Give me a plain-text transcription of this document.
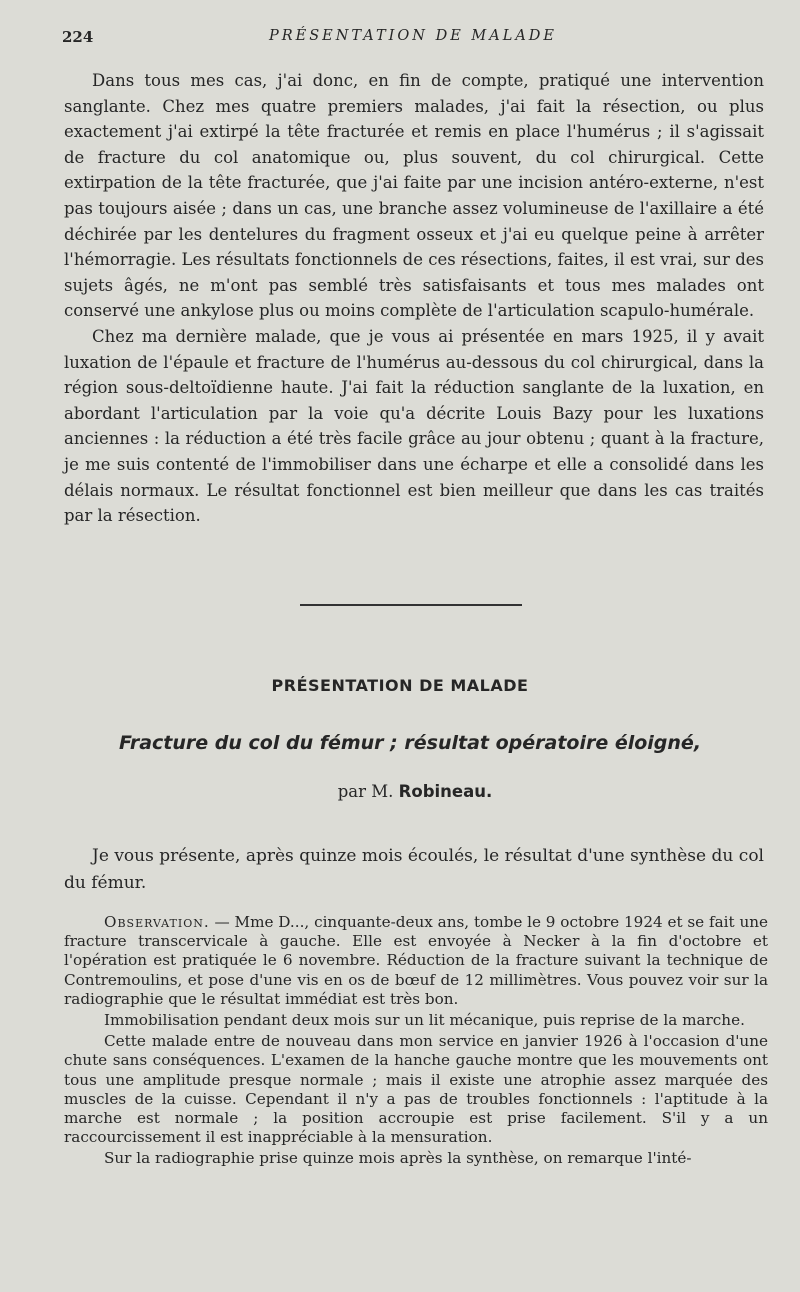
224	PRÉSENTATION DE MALADE

Dans tous mes cas, j'ai donc, en fin de compte, pratiqué une intervention sanglante. Chez mes quatre premiers malades, j'ai fait la résection, ou plus exactement j'ai extirpé la tête fracturée et remis en place l'humérus ; il s'agissait de fracture du col anatomique ou, plus souvent, du col chirurgical. Cette extirpation de la tête fracturée, que j'ai faite par une incision antéro-externe, n'est pas toujours aisée ; dans un cas, une branche assez volumineuse de l'axillaire a été déchirée par les dentelures du fragment osseux et j'ai eu quelque peine à arrêter l'hémorragie. Les résultats fonctionnels de ces résections, faites, il est vrai, sur des sujets âgés, ne m'ont pas semblé très satisfaisants et tous mes malades ont conservé une ankylose plus ou moins complète de l'articulation scapulo-humérale.

Chez ma dernière malade, que je vous ai présentée en mars 1925, il y avait luxation de l'épaule et fracture de l'humérus au-dessous du col chirurgical, dans la région sous-deltoïdienne haute. J'ai fait la réduction sanglante de la luxation, en abordant l'articulation par la voie qu'a décrite Louis Bazy pour les luxations anciennes : la réduction a été très facile grâce au jour obtenu ; quant à la fracture, je me suis contenté de l'immobiliser dans une écharpe et elle a consolidé dans les délais normaux. Le résultat fonctionnel est bien meilleur que dans les cas traités par la résection.

PRÉSENTATION DE MALADE
Fracture du col du fémur ; résultat opératoire éloigné,
par M. Robineau.

Je vous présente, après quinze mois écoulés, le résultat d'une synthèse du col du fémur.

Observation. — Mme D..., cinquante-deux ans, tombe le 9 octobre 1924 et se fait une fracture transcervicale à gauche. Elle est envoyée à Necker à la fin d'octobre et l'opération est pratiquée le 6 novembre. Réduction de la fracture suivant la technique de Contremoulins, et pose d'une vis en os de bœuf de 12 millimètres. Vous pouvez voir sur la radiographie que le résultat immédiat est très bon.

Immobilisation pendant deux mois sur un lit mécanique, puis reprise de la marche.

Cette malade entre de nouveau dans mon service en janvier 1926 à l'occasion d'une chute sans conséquences. L'examen de la hanche gauche montre que les mouvements ont tous une amplitude presque normale ; mais il existe une atrophie assez marquée des muscles de la cuisse. Cependant il n'y a pas de troubles fonctionnels : l'aptitude à la marche est normale ; la position accroupie est prise facilement. S'il y a un raccourcissement il est inappréciable à la mensuration.

Sur la radiographie prise quinze mois après la synthèse, on remarque l'inté-
